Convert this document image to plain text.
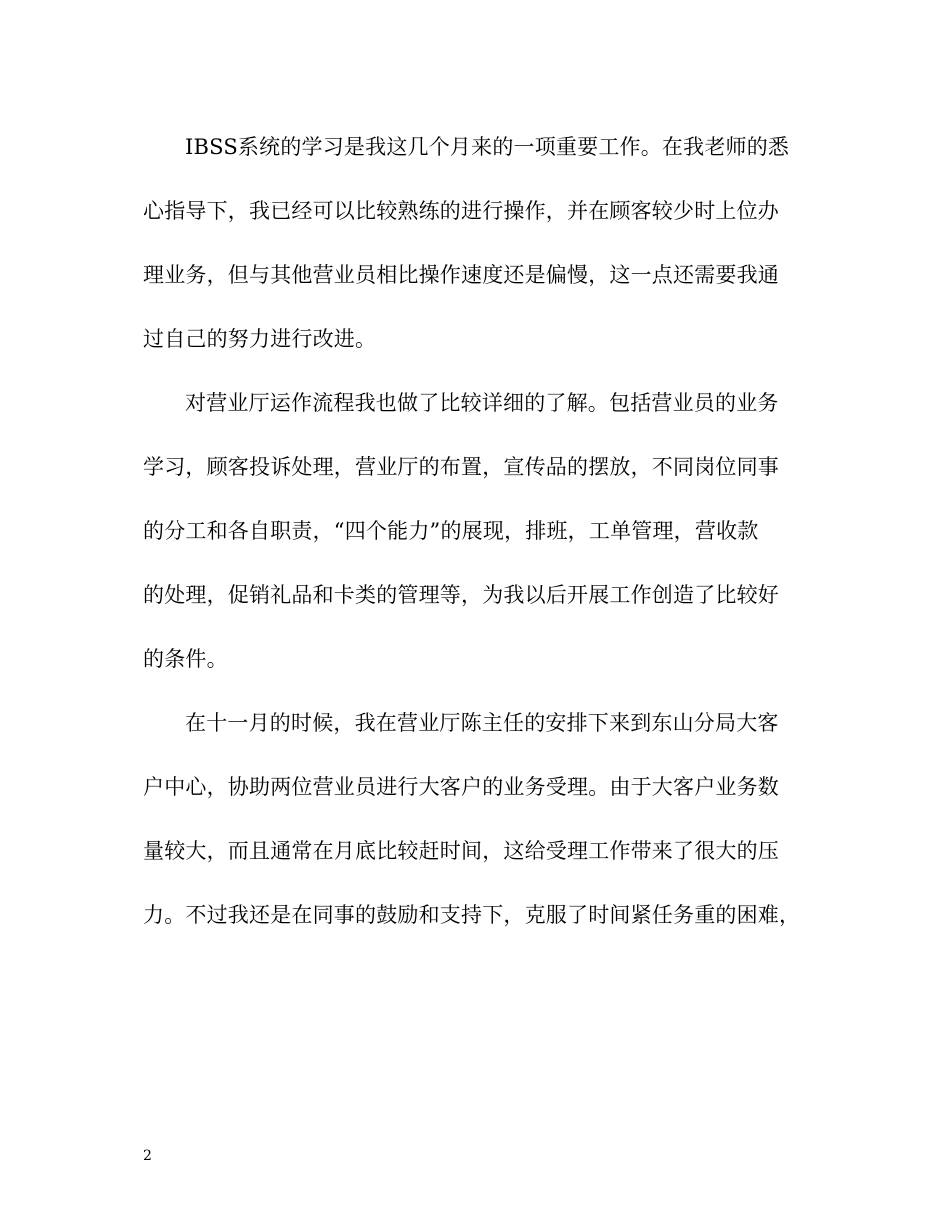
IBSS系统的学习是我这几个月来的一项重要工作。在我老师的悉
心指导下，我已经可以比较熟练的进行操作，并在顾客较少时上位办
理业务，但与其他营业员相比操作速度还是偏慢，这一点还需要我通
过自己的努力进行改进。
对营业厅运作流程我也做了比较详细的了解。包括营业员的业务
学习，顾客投诉处理，营业厅的布置，宣传品的摆放，不同岗位同事
的分工和各自职责，“四个能力”的展现，排班，工单管理，营收款
的处理，促销礼品和卡类的管理等，为我以后开展工作创造了比较好
的条件。
在十一月的时候，我在营业厅陈主任的安排下来到东山分局大客
户中心，协助两位营业员进行大客户的业务受理。由于大客户业务数
量较大，而且通常在月底比较赶时间，这给受理工作带来了很大的压
力。不过我还是在同事的鼓励和支持下，克服了时间紧任务重的困难，
2
